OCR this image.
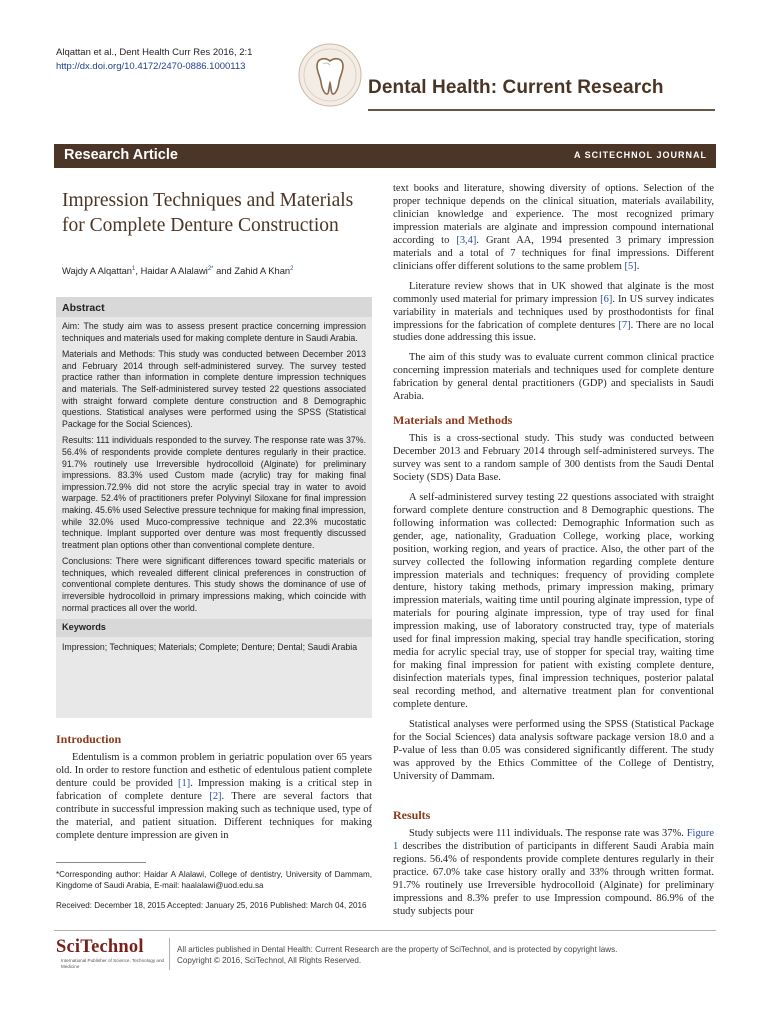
Alqattan et al., Dent Health Curr Res 2016, 2:1
http://dx.doi.org/10.4172/2470-0886.1000113
Dental Health: Current Research
Research Article	A SCITECHNOL JOURNAL
Impression Techniques and Materials for Complete Denture Construction
Wajdy A Alqattan$^1$, Haidar A Alalawi$^{2*}$ and Zahid A Khan$^2$
Abstract

Aim: The study aim was to assess present practice concerning impression techniques and materials used for making complete denture in Saudi Arabia.

Materials and Methods: This study was conducted between December 2013 and February 2014 through self-administered survey. The survey tested practice rather than information in complete denture impression techniques and materials. The Self-administered survey tested 22 questions associated with straight forward complete denture construction and 8 Demographic questions. Statistical analyses were performed using the SPSS (Statistical Package for the Social Sciences).

Results: 111 individuals responded to the survey. The response rate was 37%. 56.4% of respondents provide complete dentures regularly in their practice. 91.7% routinely use Irreversible hydrocolloid (Alginate) for preliminary impressions. 83.3% used Custom made (acrylic) tray for making final impression.72.9% did not store the acrylic special tray in water to avoid warpage. 52.4% of practitioners prefer Polyvinyl Siloxane for final impression making. 45.6% used Selective pressure technique for making final impression, while 32.0% used Muco-compressive technique and 22.3% mucostatic technique. Implant supported over denture was most frequently discussed treatment plan options other than conventional complete denture.

Conclusions: There were significant differences toward specific materials or techniques, which revealed different clinical preferences in construction of conventional complete dentures. This study shows the dominance of use of irreversible hydrocolloid in primary impressions making, which coincide with normal practices all over the world.

Keywords

Impression; Techniques; Materials; Complete; Denture; Dental; Saudi Arabia

Introduction

Edentulism is a common problem in geriatric population over 65 years old. In order to restore function and esthetic of edentulous patient complete denture could be provided [1]. Impression making is a critical step in fabrication of complete denture [2]. There are several factors that contribute in successful impression making such as technique used, type of the material, and patient situation. Different techniques for making complete denture impression are given in

*Corresponding author: Haidar A Alalawi, College of dentistry, University of Dammam, Kingdome of Saudi Arabia, E-mail: haalalawi@uod.edu.sa
Received: December 18, 2015 Accepted: January 25, 2016 Published: March 04, 2016

text books and literature, showing diversity of options. Selection of the proper technique depends on the clinical situation, materials availability, clinician knowledge and experience. The most recognized primary impression materials are alginate and impression compound international according to [3,4]. Grant AA, 1994 presented 3 primary impression materials and a total of 7 techniques for final impressions. Different clinicians offer different solutions to the same problem [5].

Literature review shows that in UK showed that alginate is the most commonly used material for primary impression [6]. In US survey indicates variability in materials and techniques used by prosthodontists for final impressions for the fabrication of complete dentures [7]. There are no local studies done addressing this issue.

The aim of this study was to evaluate current common clinical practice concerning impression materials and techniques used for complete denture fabrication by general dental practitioners (GDP) and specialists in Saudi Arabia.

Materials and Methods

This is a cross-sectional study. This study was conducted between December 2013 and February 2014 through self-administered surveys. The survey was sent to a random sample of 300 dentists from the Saudi Dental Society (SDS) Data Base.

A self-administered survey testing 22 questions associated with straight forward complete denture construction and 8 Demographic questions. The following information was collected: Demographic Information such as gender, age, nationality, Graduation College, working place, working position, working region, and years of practice. Also, the other part of the survey collected the following information regarding complete denture impression materials and techniques: frequency of providing complete denture, history taking methods, primary impression making, primary impression materials, waiting time until pouring alginate impression, type of materials for pouring alginate impression, type of tray used for final impression making, use of laboratory constructed tray, type of materials used for final impression making, special tray handle specification, storing media for acrylic special tray, use of stopper for special tray, waiting time for making final impression for patient with existing complete denture, disinfection materials types, final impression techniques, posterior palatal seal recording method, and alternative treatment plan for conventional complete denture.

Statistical analyses were performed using the SPSS (Statistical Package for the Social Sciences) data analysis software package version 18.0 and a P-value of less than 0.05 was considered significantly different. The study was approved by the Ethics Committee of the College of Dentistry, University of Dammam.

Results

Study subjects were 111 individuals. The response rate was 37%. Figure 1 describes the distribution of participants in different Saudi Arabia main regions. 56.4% of respondents provide complete dentures regularly in their practice. 67.0% take case history orally and 33% through written format. 91.7% routinely use Irreversible hydrocolloid (Alginate) for preliminary impressions and 8.3% prefer to use Impression compound. 86.9% of the study subjects pour

SciTechnol
International Publisher of Science, Technology and Medicine
All articles published in Dental Health: Current Research are the property of SciTechnol, and is protected by copyright laws.
Copyright © 2016, SciTechnol, All Rights Reserved.
